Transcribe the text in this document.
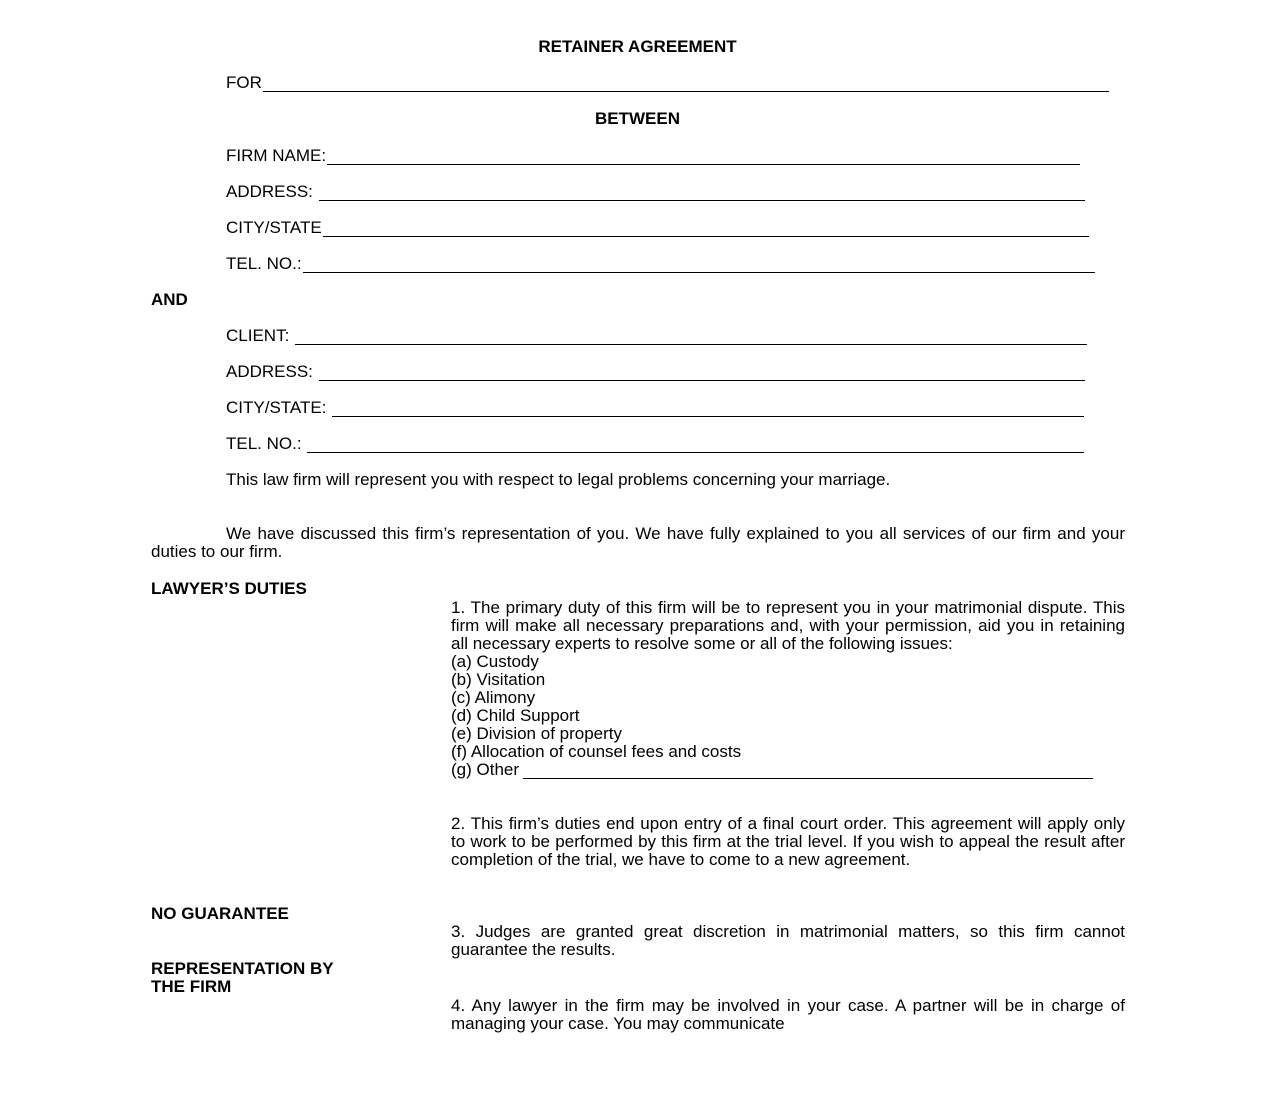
RETAINER AGREEMENT
FOR
BETWEEN
FIRM NAME:
ADDRESS:
CITY/STATE
TEL. NO.:
AND
CLIENT:
ADDRESS:
CITY/STATE:
TEL. NO.:
This law firm will represent you with respect to legal problems concerning your marriage.
We have discussed this firm’s representation of you. We have fully explained to you all services of our firm and your duties to our firm.
LAWYER’S DUTIES
NO GUARANTEE
REPRESENTATION BY
THE FIRM
1. The primary duty of this firm will be to represent you in your matrimonial dispute. This firm will make all necessary preparations and, with your permission, aid you in retaining all necessary experts to resolve some or all of the following issues:
(a) Custody
(b) Visitation
(c) Alimony
(d) Child Support
(e) Division of property
(f) Allocation of counsel fees and costs
(g) Other
2. This firm’s duties end upon entry of a final court order. This agreement will apply only to work to be performed by this firm at the trial level. If you wish to appeal the result after completion of the trial, we have to come to a new agreement.
3. Judges are granted great discretion in matrimonial matters, so this firm cannot guarantee the results.
4. Any lawyer in the firm may be involved in your case. A partner will be in charge of managing your case. You may communicate
